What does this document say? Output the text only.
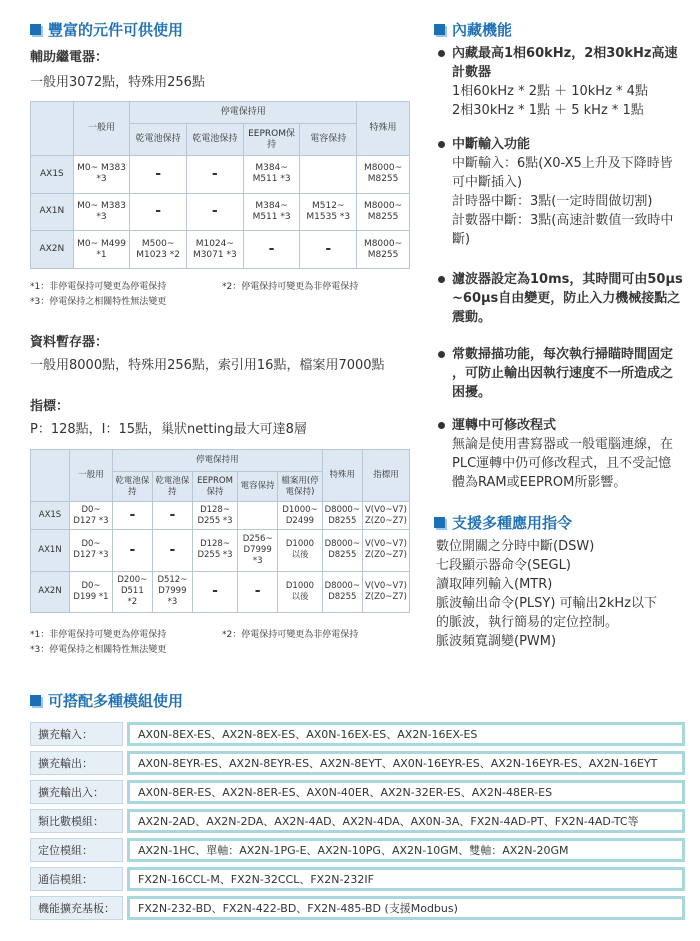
豐富的元件可供使用
輔助繼電器：
一般用3072點，特殊用256點
	一般用	停電保持用				特殊用
		乾電池保持	乾電池保持	EEPROM保持	電容保持	
AX1S	M0~ M383 *3	-	-	M384~ M511 *3		M8000~ M8255
AX1N	M0~ M383 *3	-	-	M384~ M511 *3	M512~ M1535 *3	M8000~ M8255
AX2N	M0~ M499 *1	M500~ M1023 *2	M1024~ M3071 *3	-	-	M8000~ M8255
*1：非停電保持可變更為停電保持	*2：停電保持可變更為非停電保持
*3：停電保持之相關特性無法變更
資料暫存器：
一般用8000點，特殊用256點，索引用16點，檔案用7000點
指標：
P：128點，I：15點，巢狀netting最大可達8層
	一般用	停電保持用					特殊用	指標用
		乾電池保持	乾電池保持	EEPROM保持	電容保持	檔案用(停電保持)		
AX1S	D0~ D127 *3	-	-	D128~ D255 *3		D1000~ D2499	D8000~ D8255	V(V0~V7) Z(Z0~Z7)
AX1N	D0~ D127 *3	-	-	D128~ D255 *3	D256~ D7999 *3	D1000 以後	D8000~ D8255	V(V0~V7) Z(Z0~Z7)
AX2N	D0~ D199 *1	D200~ D511 *2	D512~ D7999 *3	-	-	D1000 以後	D8000~ D8255	V(V0~V7) Z(Z0~Z7)
*1：非停電保持可變更為停電保持	*2：停電保持可變更為非停電保持
*3：停電保持之相關特性無法變更
內藏機能
內藏最高1相60kHz，2相30kHz高速
計數器
1相60kHz * 2點 ＋ 10kHz * 4點
2相30kHz * 1點 ＋ 5 kHz * 1點
中斷輸入功能
中斷輸入：6點(X0-X5上升及下降時皆
可中斷插入)
計時器中斷：3點(一定時間做切割)
計數器中斷：3點(高速計數值一致時中
斷)
濾波器設定為10ms，其時間可由50μs
~60μs自由變更，防止入力機械接點之
震動。
常數掃描功能，每次執行掃瞄時間固定
，可防止輸出因執行速度不一所造成之
困擾。
運轉中可修改程式
無論是使用書寫器或一般電腦連線，在
PLC運轉中仍可修改程式，且不受記憶
體為RAM或EEPROM所影響。
支援多種應用指令
數位開關之分時中斷(DSW)
七段顯示器命令(SEGL)
讀取陣列輸入(MTR)
脈波輸出命令(PLSY) 可輸出2kHz以下
的脈波，執行簡易的定位控制。
脈波頻寬調變(PWM)
可搭配多種模組使用
擴充輸入：	AX0N-8EX-ES、AX2N-8EX-ES、AX0N-16EX-ES、AX2N-16EX-ES
擴充輸出：	AX0N-8EYR-ES、AX2N-8EYR-ES、AX2N-8EYT、AX0N-16EYR-ES、AX2N-16EYR-ES、AX2N-16EYT
擴充輸出入：	AX0N-8ER-ES、AX2N-8ER-ES、AX0N-40ER、AX2N-32ER-ES、AX2N-48ER-ES
類比數模組：	AX2N-2AD、AX2N-2DA、AX2N-4AD、AX2N-4DA、AX0N-3A、FX2N-4AD-PT、FX2N-4AD-TC等
定位模組：	AX2N-1HC、單軸：AX2N-1PG-E、AX2N-10PG、AX2N-10GM、雙軸：AX2N-20GM
通信模組：	FX2N-16CCL-M、FX2N-32CCL、FX2N-232IF
機能擴充基板：	FX2N-232-BD、FX2N-422-BD、FX2N-485-BD (支援Modbus)
